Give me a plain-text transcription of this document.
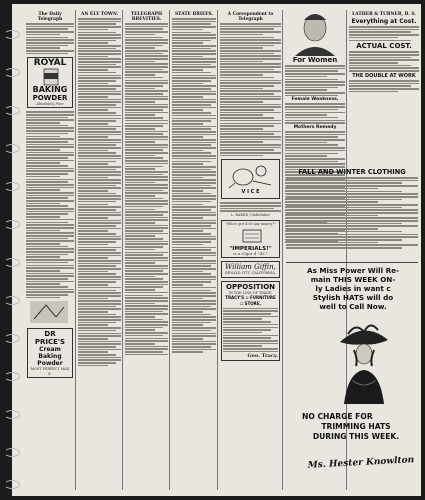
The Daily Telegraph
ROYAL
BAKING
POWDER
Absolutely Pure
DR PRICE'S
Cream Baking
Powder
MOST PERFECT MADE.
AN ELY TOWN.	TELEGRAPH BREVITIES.
STATE BRIEFS.	A Corespondent to Telegraph
V I C E
L. BAKER, Undertaker
"Who's got 4:00 any money?"
"IMPERIALS!"
is a Cigar 4 "45."
William Giffin,
RENALD CITY, CALIFORNIA.
OPPOSITION
IN THE LINE OF TRADE.
TRACY'S :: FURNITURE :: STORE,
Geo. Tracy.
For Women
Female Weakness,
Mothers Remedy
LATHER & TURNER, B. S.
Everything at Cost.
ACTUAL COST.
THE DOUBLE AT WORK
FALL AND WINTER CLOTHING
As Miss Power Will Re-
main THIS WEEK ON-
ly Ladies in want c
Stylish HATS will do
well to Call Now.
NO CHARGE FOR
TRIMMING HATS
DURING THIS WEEK.
Ms. Hester Knowlton
